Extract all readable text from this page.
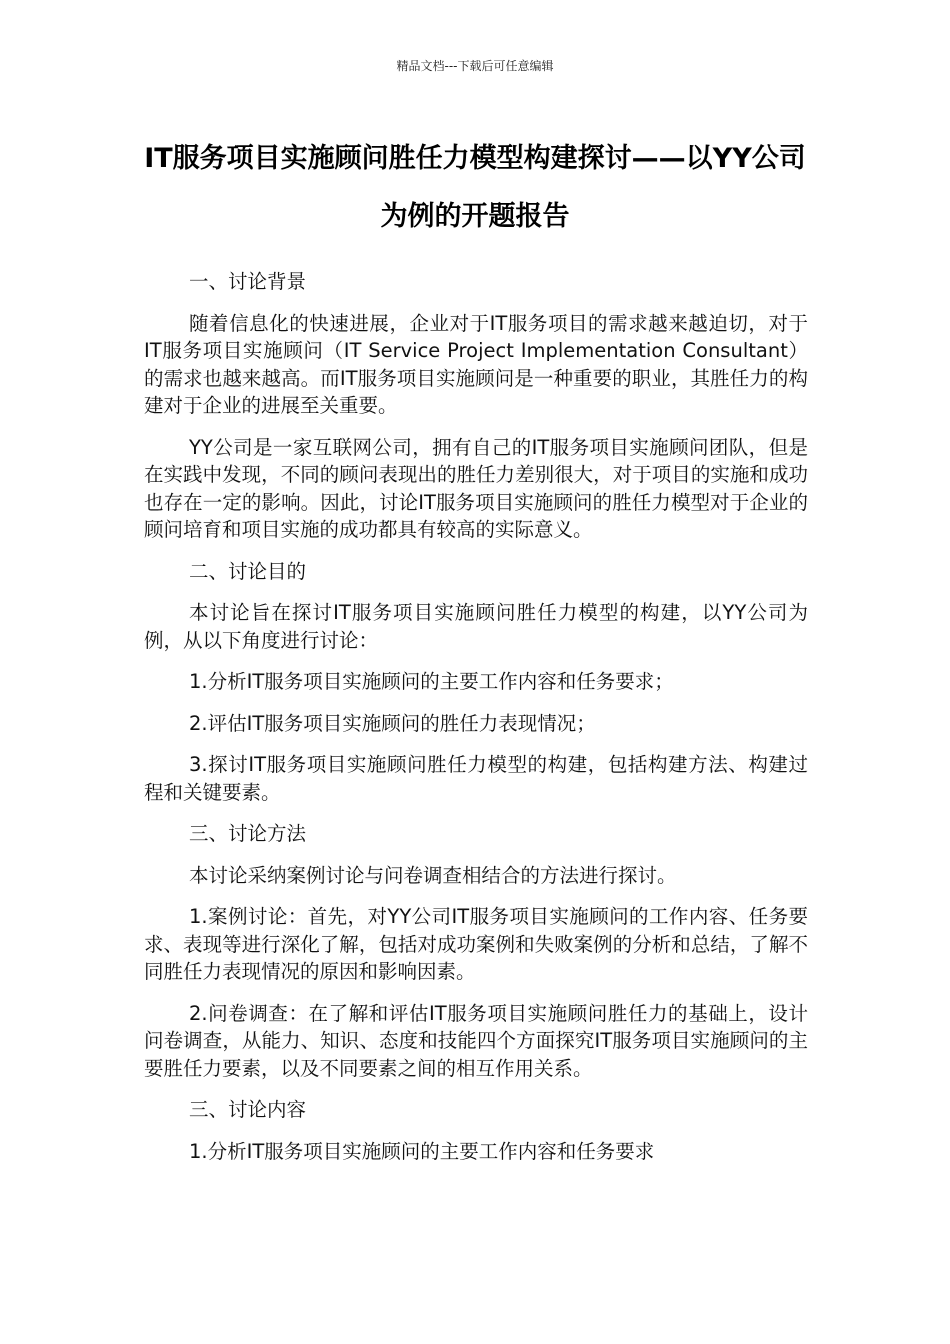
精品文档---下载后可任意编辑
IT服务项目实施顾问胜任力模型构建探讨——以YY公司为例的开题报告

一、讨论背景

随着信息化的快速进展，企业对于IT服务项目的需求越来越迫切，对于IT服务项目实施顾问（IT Service Project Implementation Consultant）的需求也越来越高。而IT服务项目实施顾问是一种重要的职业，其胜任力的构建对于企业的进展至关重要。

YY公司是一家互联网公司，拥有自己的IT服务项目实施顾问团队，但是在实践中发现，不同的顾问表现出的胜任力差别很大，对于项目的实施和成功也存在一定的影响。因此，讨论IT服务项目实施顾问的胜任力模型对于企业的顾问培育和项目实施的成功都具有较高的实际意义。

二、讨论目的

本讨论旨在探讨IT服务项目实施顾问胜任力模型的构建，以YY公司为例，从以下角度进行讨论：

1.分析IT服务项目实施顾问的主要工作内容和任务要求；

2.评估IT服务项目实施顾问的胜任力表现情况；

3.探讨IT服务项目实施顾问胜任力模型的构建，包括构建方法、构建过程和关键要素。

三、讨论方法

本讨论采纳案例讨论与问卷调查相结合的方法进行探讨。

1.案例讨论：首先，对YY公司IT服务项目实施顾问的工作内容、任务要求、表现等进行深化了解，包括对成功案例和失败案例的分析和总结，了解不同胜任力表现情况的原因和影响因素。

2.问卷调查：在了解和评估IT服务项目实施顾问胜任力的基础上，设计问卷调查，从能力、知识、态度和技能四个方面探究IT服务项目实施顾问的主要胜任力要素，以及不同要素之间的相互作用关系。

三、讨论内容

1.分析IT服务项目实施顾问的主要工作内容和任务要求
